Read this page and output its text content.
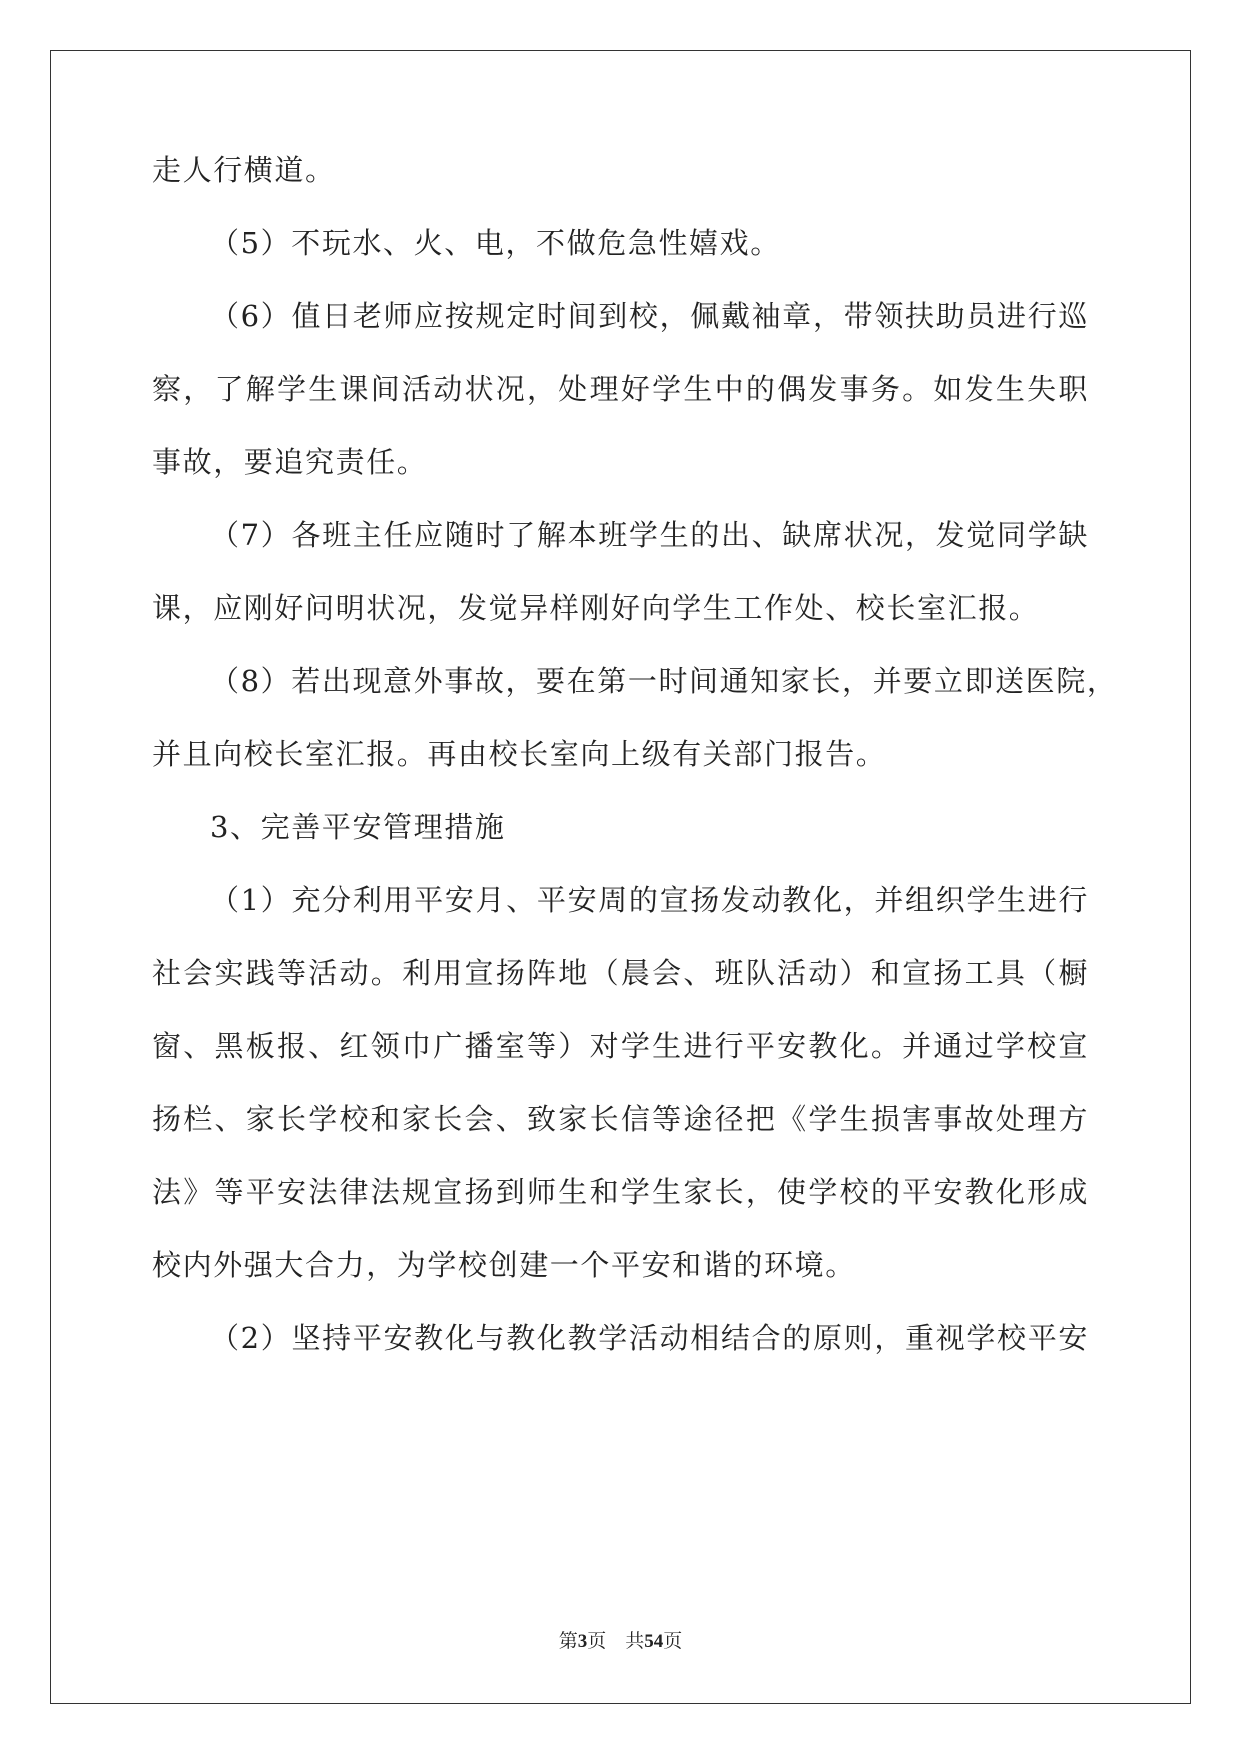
走人行横道。
（5）不玩水、火、电，不做危急性嬉戏。
（6）值日老师应按规定时间到校，佩戴袖章，带领扶助员进行巡
察，了解学生课间活动状况，处理好学生中的偶发事务。如发生失职
事故，要追究责任。
（7）各班主任应随时了解本班学生的出、缺席状况，发觉同学缺
课，应刚好问明状况，发觉异样刚好向学生工作处、校长室汇报。
（8）若出现意外事故，要在第一时间通知家长，并要立即送医院，
并且向校长室汇报。再由校长室向上级有关部门报告。
3、完善平安管理措施
（1）充分利用平安月、平安周的宣扬发动教化，并组织学生进行
社会实践等活动。利用宣扬阵地（晨会、班队活动）和宣扬工具（橱
窗、黑板报、红领巾广播室等）对学生进行平安教化。并通过学校宣
扬栏、家长学校和家长会、致家长信等途径把《学生损害事故处理方
法》等平安法律法规宣扬到师生和学生家长，使学校的平安教化形成
校内外强大合力，为学校创建一个平安和谐的环境。
（2）坚持平安教化与教化教学活动相结合的原则，重视学校平安
第3页 共54页
